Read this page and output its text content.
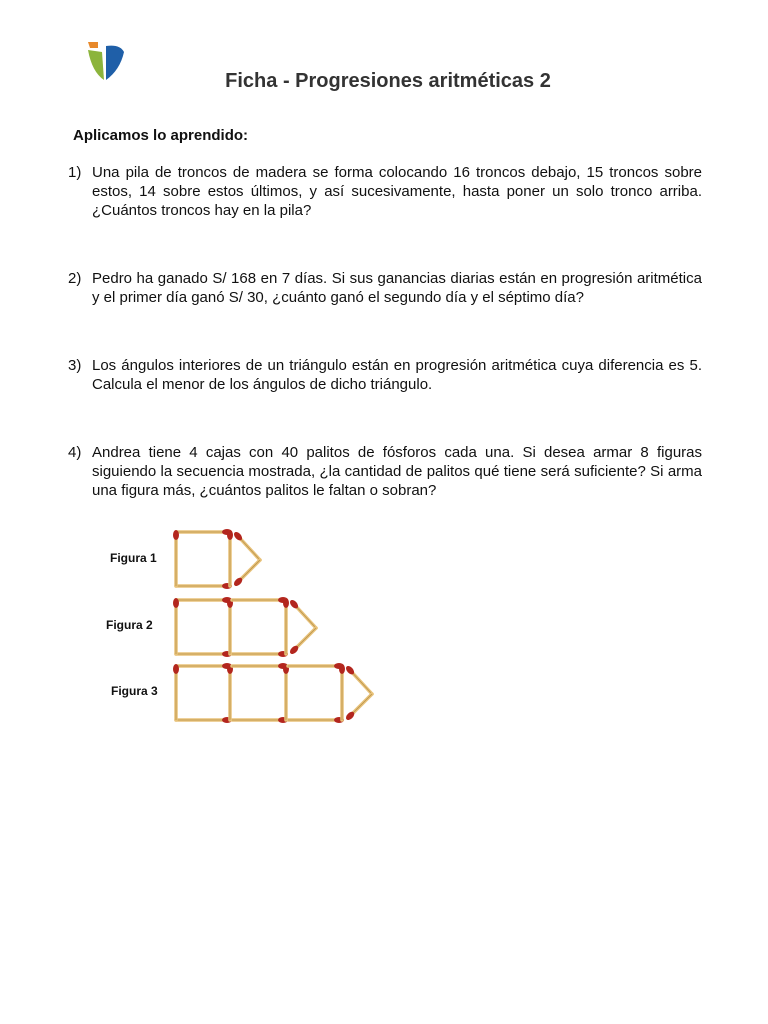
Ficha - Progresiones aritméticas 2
Aplicamos lo aprendido:
1) Una pila de troncos de madera se forma colocando 16 troncos debajo, 15 troncos sobre estos, 14 sobre estos últimos, y así sucesivamente, hasta poner un solo tronco arriba. ¿Cuántos troncos hay en la pila?
2) Pedro ha ganado S/ 168 en 7 días. Si sus ganancias diarias están en progresión aritmética y el primer día ganó S/ 30, ¿cuánto ganó el segundo día y el séptimo día?
3) Los ángulos interiores de un triángulo están en progresión aritmética cuya diferencia es 5. Calcula el menor de los ángulos de dicho triángulo.
4) Andrea tiene 4 cajas con 40 palitos de fósforos cada una. Si desea armar 8 figuras siguiendo la secuencia mostrada, ¿la cantidad de palitos qué tiene será suficiente? Si arma una figura más, ¿cuántos palitos le faltan o sobran?
Figura 1
Figura 2
Figura 3
